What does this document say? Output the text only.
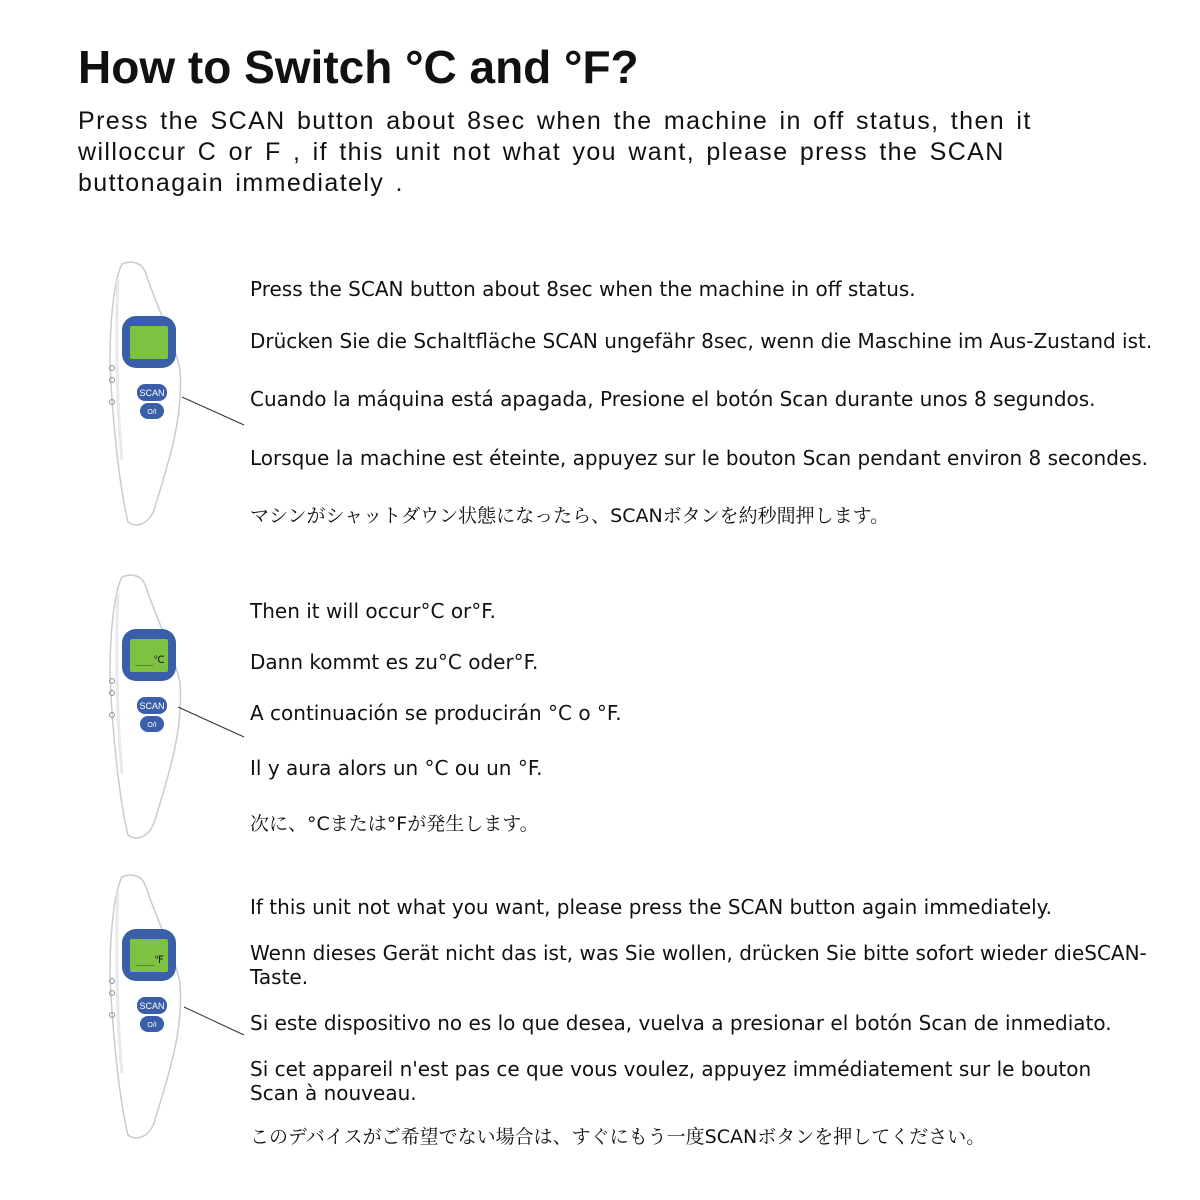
How to Switch °C and °F?

Press the SCAN button about 8sec when the machine in off status, then it
willoccur C or F , if this unit not what you want, please press the SCAN
buttonagain immediately .

SCAN
O/I

Press the SCAN button about 8sec when the machine in off status.

Drücken Sie die Schaltfläche SCAN ungefähr 8sec, wenn die Maschine im Aus-Zustand ist.

Cuando la máquina está apagada, Presione el botón Scan durante unos 8 segundos.

Lorsque la machine est éteinte, appuyez sur le bouton Scan pendant environ 8 secondes.

マシンがシャットダウン状態になったら、SCANボタンを約秒間押します。

___℃
SCAN
O/I

Then it will occur°C or°F.

Dann kommt es zu°C oder°F.

A continuación se producirán °C o °F.

Il y aura alors un °C ou un °F.

次に、°Cまたは°Fが発生します。

___℉
SCAN
O/I

If this unit not what you want, please press the SCAN button again immediately.

Wenn dieses Gerät nicht das ist, was Sie wollen, drücken Sie bitte sofort wieder dieSCAN-Taste.

Si este dispositivo no es lo que desea, vuelva a presionar el botón Scan de inmediato.

Si cet appareil n'est pas ce que vous voulez, appuyez immédiatement sur le bouton Scan à nouveau.

このデバイスがご希望でない場合は、すぐにもう一度SCANボタンを押してください。
